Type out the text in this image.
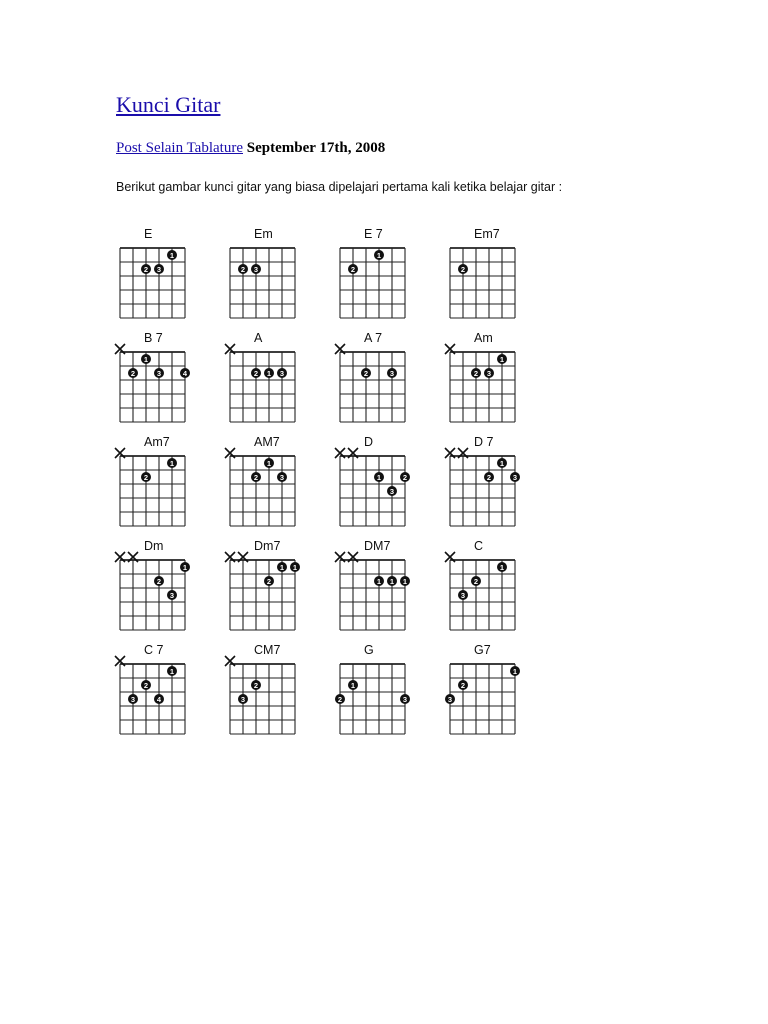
Kunci Gitar
Post Selain Tablature September 17th, 2008
Berikut gambar kunci gitar yang biasa dipelajari pertama kali ketika belajar gitar :
E
2 3
1
Em
2 3
E 7
2
1
Em7
2
B 7
1
2	3	4
A
2 1 3
A 7
2	3
Am
1
2 3
Am7
1
2
AM7
1
2	3
D
1	2
3
D 7
1
2	3
Dm
1
2
3
Dm7
1 1
2
DM7
1 1 1
C
1
2
3
C 7
1
2
3	4
CM7
2
3
G
1
2	3
G7
1
2
3
